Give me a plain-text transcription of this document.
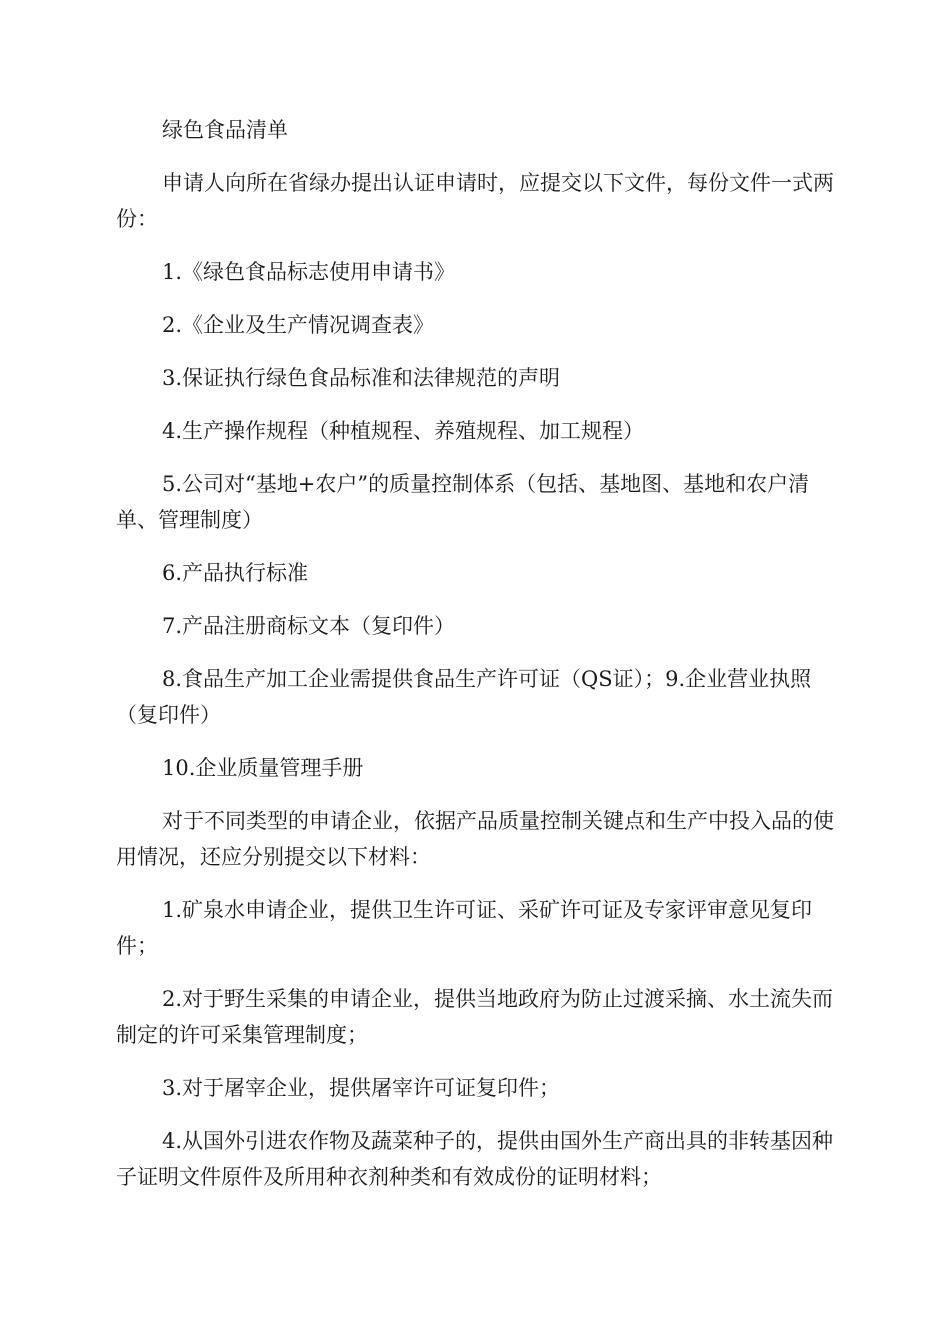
绿色食品清单

申请人向所在省绿办提出认证申请时，应提交以下文件，每份文件一式两份：

1.《绿色食品标志使用申请书》

2.《企业及生产情况调查表》

3.保证执行绿色食品标准和法律规范的声明

4.生产操作规程（种植规程、养殖规程、加工规程）

5.公司对“基地+农户”的质量控制体系（包括、基地图、基地和农户清单、管理制度）

6.产品执行标准

7.产品注册商标文本（复印件）

8.食品生产加工企业需提供食品生产许可证（QS证）；9.企业营业执照（复印件）

10.企业质量管理手册

对于不同类型的申请企业，依据产品质量控制关键点和生产中投入品的使用情况，还应分别提交以下材料：

1.矿泉水申请企业，提供卫生许可证、采矿许可证及专家评审意见复印件；

2.对于野生采集的申请企业，提供当地政府为防止过渡采摘、水土流失而制定的许可采集管理制度；

3.对于屠宰企业，提供屠宰许可证复印件；

4.从国外引进农作物及蔬菜种子的，提供由国外生产商出具的非转基因种子证明文件原件及所用种衣剂种类和有效成份的证明材料；
